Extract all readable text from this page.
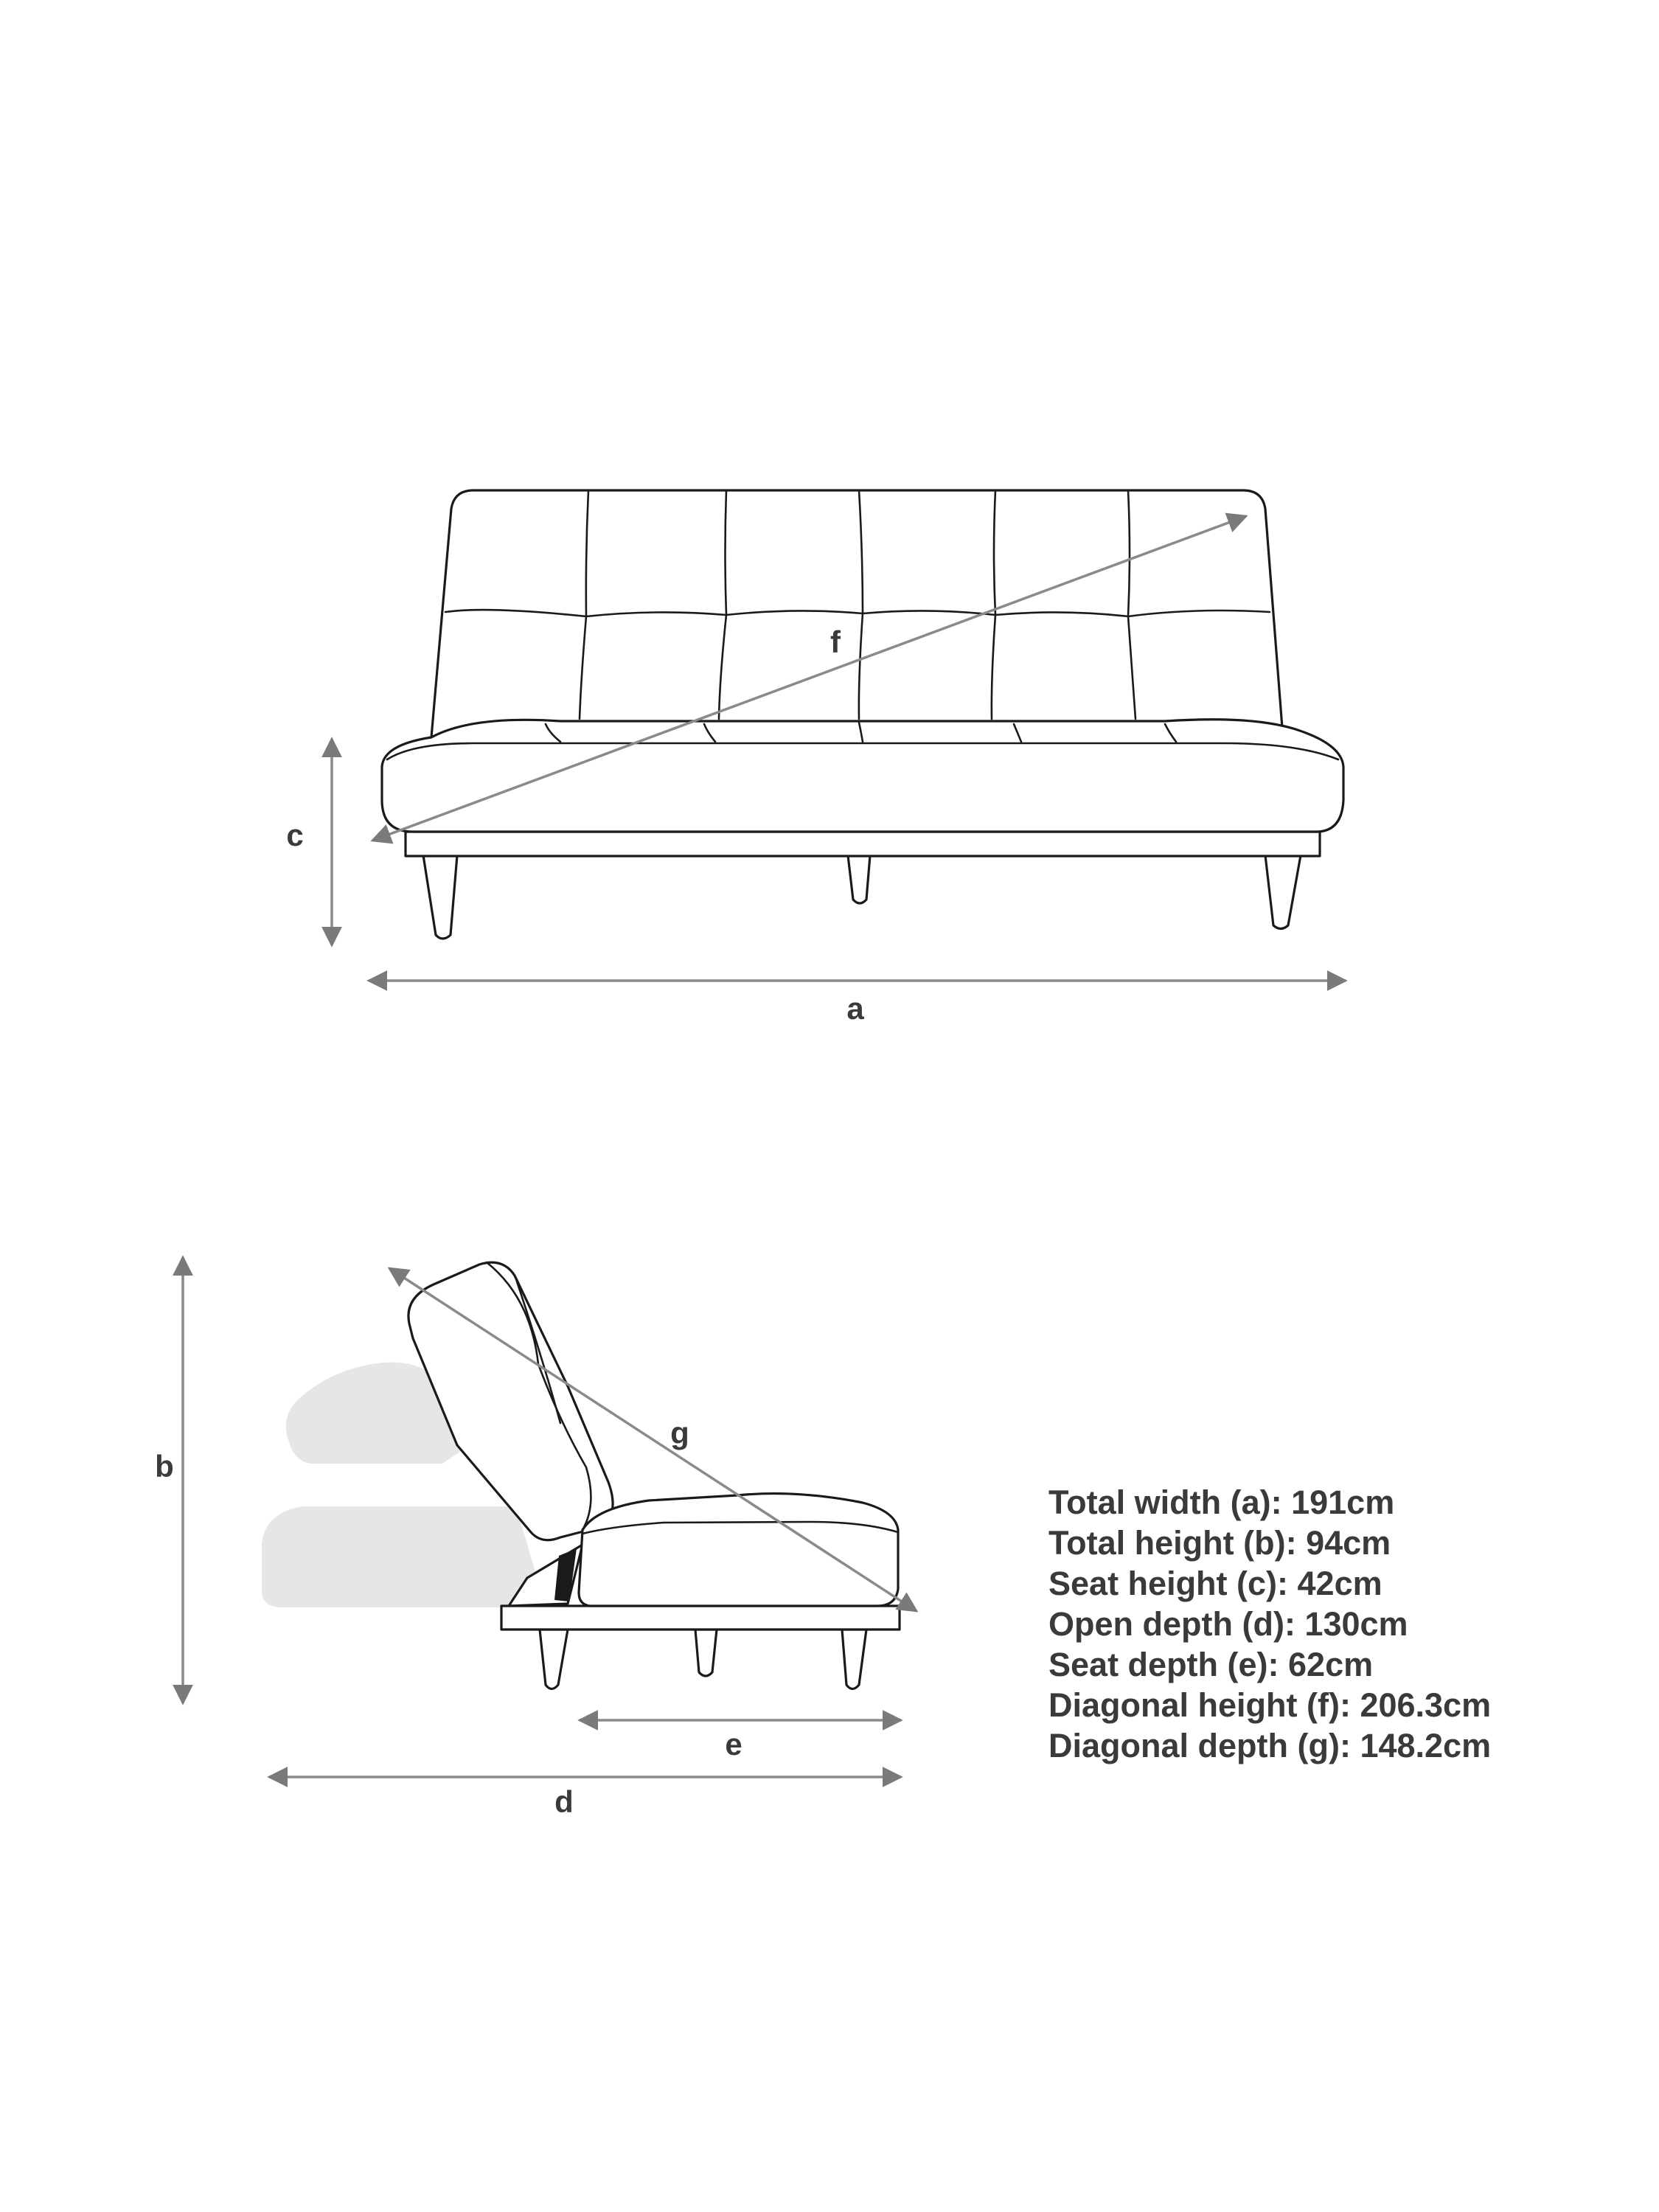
c
f
a
b
g
e
d
Total width (a): 191cm
Total height (b): 94cm
Seat height (c): 42cm
Open depth (d): 130cm
Seat depth (e): 62cm
Diagonal height (f): 206.3cm
Diagonal depth (g): 148.2cm
